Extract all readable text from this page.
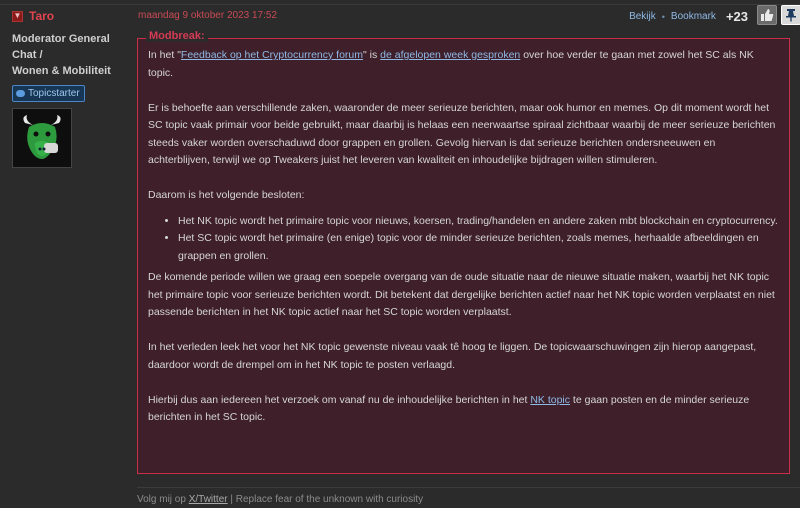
▼ Taro
Moderator General Chat /
Wonen & Mobiliteit
Topicstarter
maandag 9 oktober 2023 17:52	Bekijk • Bookmark +23

In het "Feedback op het Cryptocurrency forum" is de afgelopen week gesproken over hoe verder te gaan met zowel het SC als NK topic.

Er is behoefte aan verschillende zaken, waaronder de meer serieuze berichten, maar ook humor en memes. Op dit moment wordt het SC topic vaak primair voor beide gebruikt, maar daarbij is helaas een neerwaartse spiraal zichtbaar waarbij de meer serieuze berichten steeds vaker worden overschaduwd door grappen en grollen. Gevolg hiervan is dat serieuze berichten ondersneeuwen en achterblijven, terwijl we op Tweakers juist het leveren van kwaliteit en inhoudelijke bijdragen willen stimuleren.

Daarom is het volgende besloten:

• Het NK topic wordt het primaire topic voor nieuws, koersen, trading/handelen en andere zaken mbt blockchain en cryptocurrency.
• Het SC topic wordt het primaire (en enige) topic voor de minder serieuze berichten, zoals memes, herhaalde afbeeldingen en grappen en grollen.

De komende periode willen we graag een soepele overgang van de oude situatie naar de nieuwe situatie maken, waarbij het NK topic het primaire topic voor serieuze berichten wordt. Dit betekent dat dergelijke berichten actief naar het NK topic worden verplaatst en niet passende berichten in het NK topic actief naar het SC topic worden verplaatst.

In het verleden leek het voor het NK topic gewenste niveau vaak tê hoog te liggen. De topicwaarschuwingen zijn hierop aangepast, daardoor wordt de drempel om in het NK topic te posten verlaagd.

Hierbij dus aan iedereen het verzoek om vanaf nu de inhoudelijke berichten in het NK topic te gaan posten en de minder serieuze berichten in het SC topic.

Modbreak:
Volg mij op X/Twitter | Replace fear of the unknown with curiosity
